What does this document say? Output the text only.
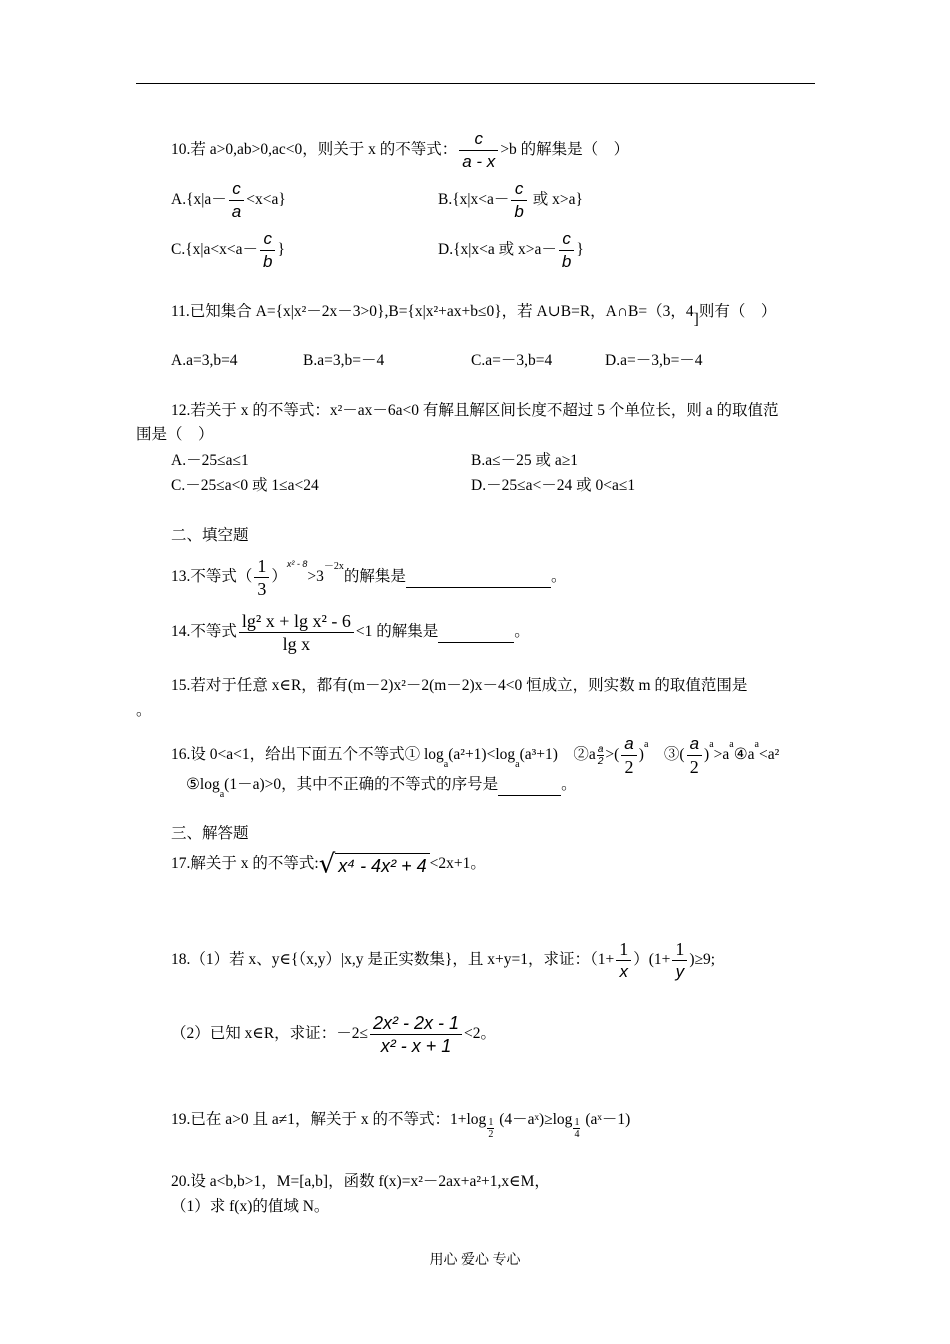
10.若 a>0,ab>0,ac<0，则关于 x 的不等式： $\frac{c}{a - x} >b$ 的解集是（　）
$A.\{x|a- \frac{c}{a} <x<a\}$	$B.\{x|x<a- \frac{c}{b}$ 或 x>a}
$C.\{x|a<x<a- \frac{c}{b}$ }	D.{x|x<a 或 $x>a- \frac{c}{b}$ }
11.已知集合 A={x|x²－2x－3>0},B={x|x²+ax+b≤0}，若 A∪B=R，A∩B=（3，4]则有（　）
A.a=3,b=4	B.a=3,b=－4	C.a=－3,b=4	D.a=－3,b=－4
12.若关于 x 的不等式：x²－ax－6a<0 有解且解区间长度不超过 5 个单位长，则 a 的取值范
围是（　）
A.－25≤a≤1	B.a≤－25 或 a≥1
C.－25≤a<0 或 1≤a<24	D.－25≤a<－24 或 0<a≤1
二、填空题
13.不等式（ $\frac{1}{3} )^{x^2 - 8}>3^{-2x}$的解集是	。
14.不等式 $\frac{\text{lg² x + lg x² - 6}}{\text{lg x}} <1$ 的解集是	。
15.若对于任意 x∈R，都有(m－2)x²－2(m－2)x－4<0 恒成立，则实数 m 的取值范围是
。
16.设 0<a<1，给出下面五个不等式① $\log_a(a^2+1)<\log_a(a^3+1)$　②a $\frac{a}{2}$ >( $\frac{a}{2} )^a$　③( $\frac{a}{2}$ )$^a>a^a④a^a<a^2$
$⑤\log_a(1-a)>0$，其中不正确的不等式的序号是	。
三、解答题
17.解关于 x 的不等式:√ x⁴ - 4x² + 4 <2x+1。
18.（1）若 x、y∈{（x,y）|x,y 是正实数集}，且 x+y=1，求证：$(1+ \frac{1}{x} )(1+ \frac{1}{y} )\ge 9$;
（2）已知 x∈R，求证：$-2\le \frac{\text{2x² - 2x - 1}}{\text{x² - x + 1}} <2$。
19.已在 a>0 且 a≠1，解关于 x 的不等式：$1+\log \frac{1}{2}$ (4－aˣ)≥log $\frac{1}{4}$ (aˣ－1)
20.设 a<b,b>1，M=[a,b]，函数 f(x)=x²－2ax+a²+1,x∈M，
（1）求 f(x)的值域 N。
用心 爱心 专心
